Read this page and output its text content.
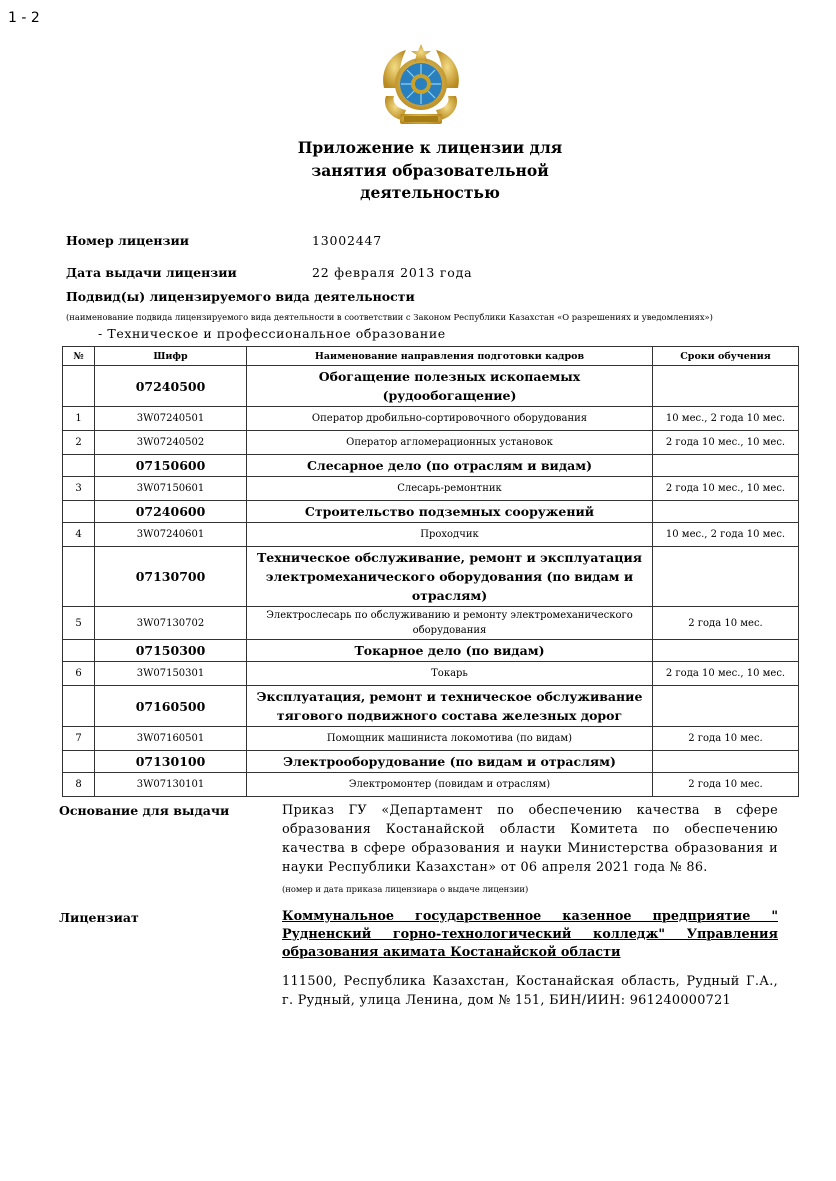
1 - 2
Приложение к лицензии для
занятия образовательной
деятельностью
Номер лицензии	13002447
Дата выдачи лицензии	22 февраля 2013 года
Подвид(ы) лицензируемого вида деятельности
(наименование подвида лицензируемого вида деятельности в соответствии с Законом Республики Казахстан «О разрешениях и уведомлениях»)
- Техническое и профессиональное образование
№	Шифр	Наименование направления подготовки кадров	Сроки обучения
	07240500	Обогащение полезных ископаемых (рудообогащение)	
1	3W07240501	Оператор дробильно-сортировочного оборудования	10 мес., 2 года 10 мес.
2	3W07240502	Оператор агломерационных установок	2 года 10 мес., 10 мес.
	07150600	Слесарное дело (по отраслям и видам)	
3	3W07150601	Слесарь-ремонтник	2 года 10 мес., 10 мес.
	07240600	Строительство подземных сооружений	
4	3W07240601	Проходчик	10 мес., 2 года 10 мес.
	07130700	Техническое обслуживание, ремонт и эксплуатация электромеханического оборудования (по видам и отраслям)	
5	3W07130702	Электрослесарь по обслуживанию и ремонту электромеханического оборудования	2 года 10 мес.
	07150300	Токарное дело (по видам)	
6	3W07150301	Токарь	2 года 10 мес., 10 мес.
	07160500	Эксплуатация, ремонт и техническое обслуживание тягового подвижного состава железных дорог	
7	3W07160501	Помощник машиниста локомотива (по видам)	2 года 10 мес.
	07130100	Электрооборудование (по видам и отраслям)	
8	3W07130101	Электромонтер (повидам и отраслям)	2 года 10 мес.
Основание для выдачи	Приказ ГУ «Департамент по обеспечению качества в сфере образования Костанайской области Комитета по обеспечению качества в сфере образования и науки Министерства образования и науки Республики Казахстан» от 06 апреля 2021 года № 86.
(номер и дата приказа лицензиара о выдаче лицензии)
Лицензиат	Коммунальное государственное казенное предприятие " Рудненский горно-технологический колледж" Управления образования акимата Костанайской области
111500, Республика Казахстан, Костанайская область, Рудный Г.А., г. Рудный, улица Ленина, дом № 151, БИН/ИИН: 961240000721
